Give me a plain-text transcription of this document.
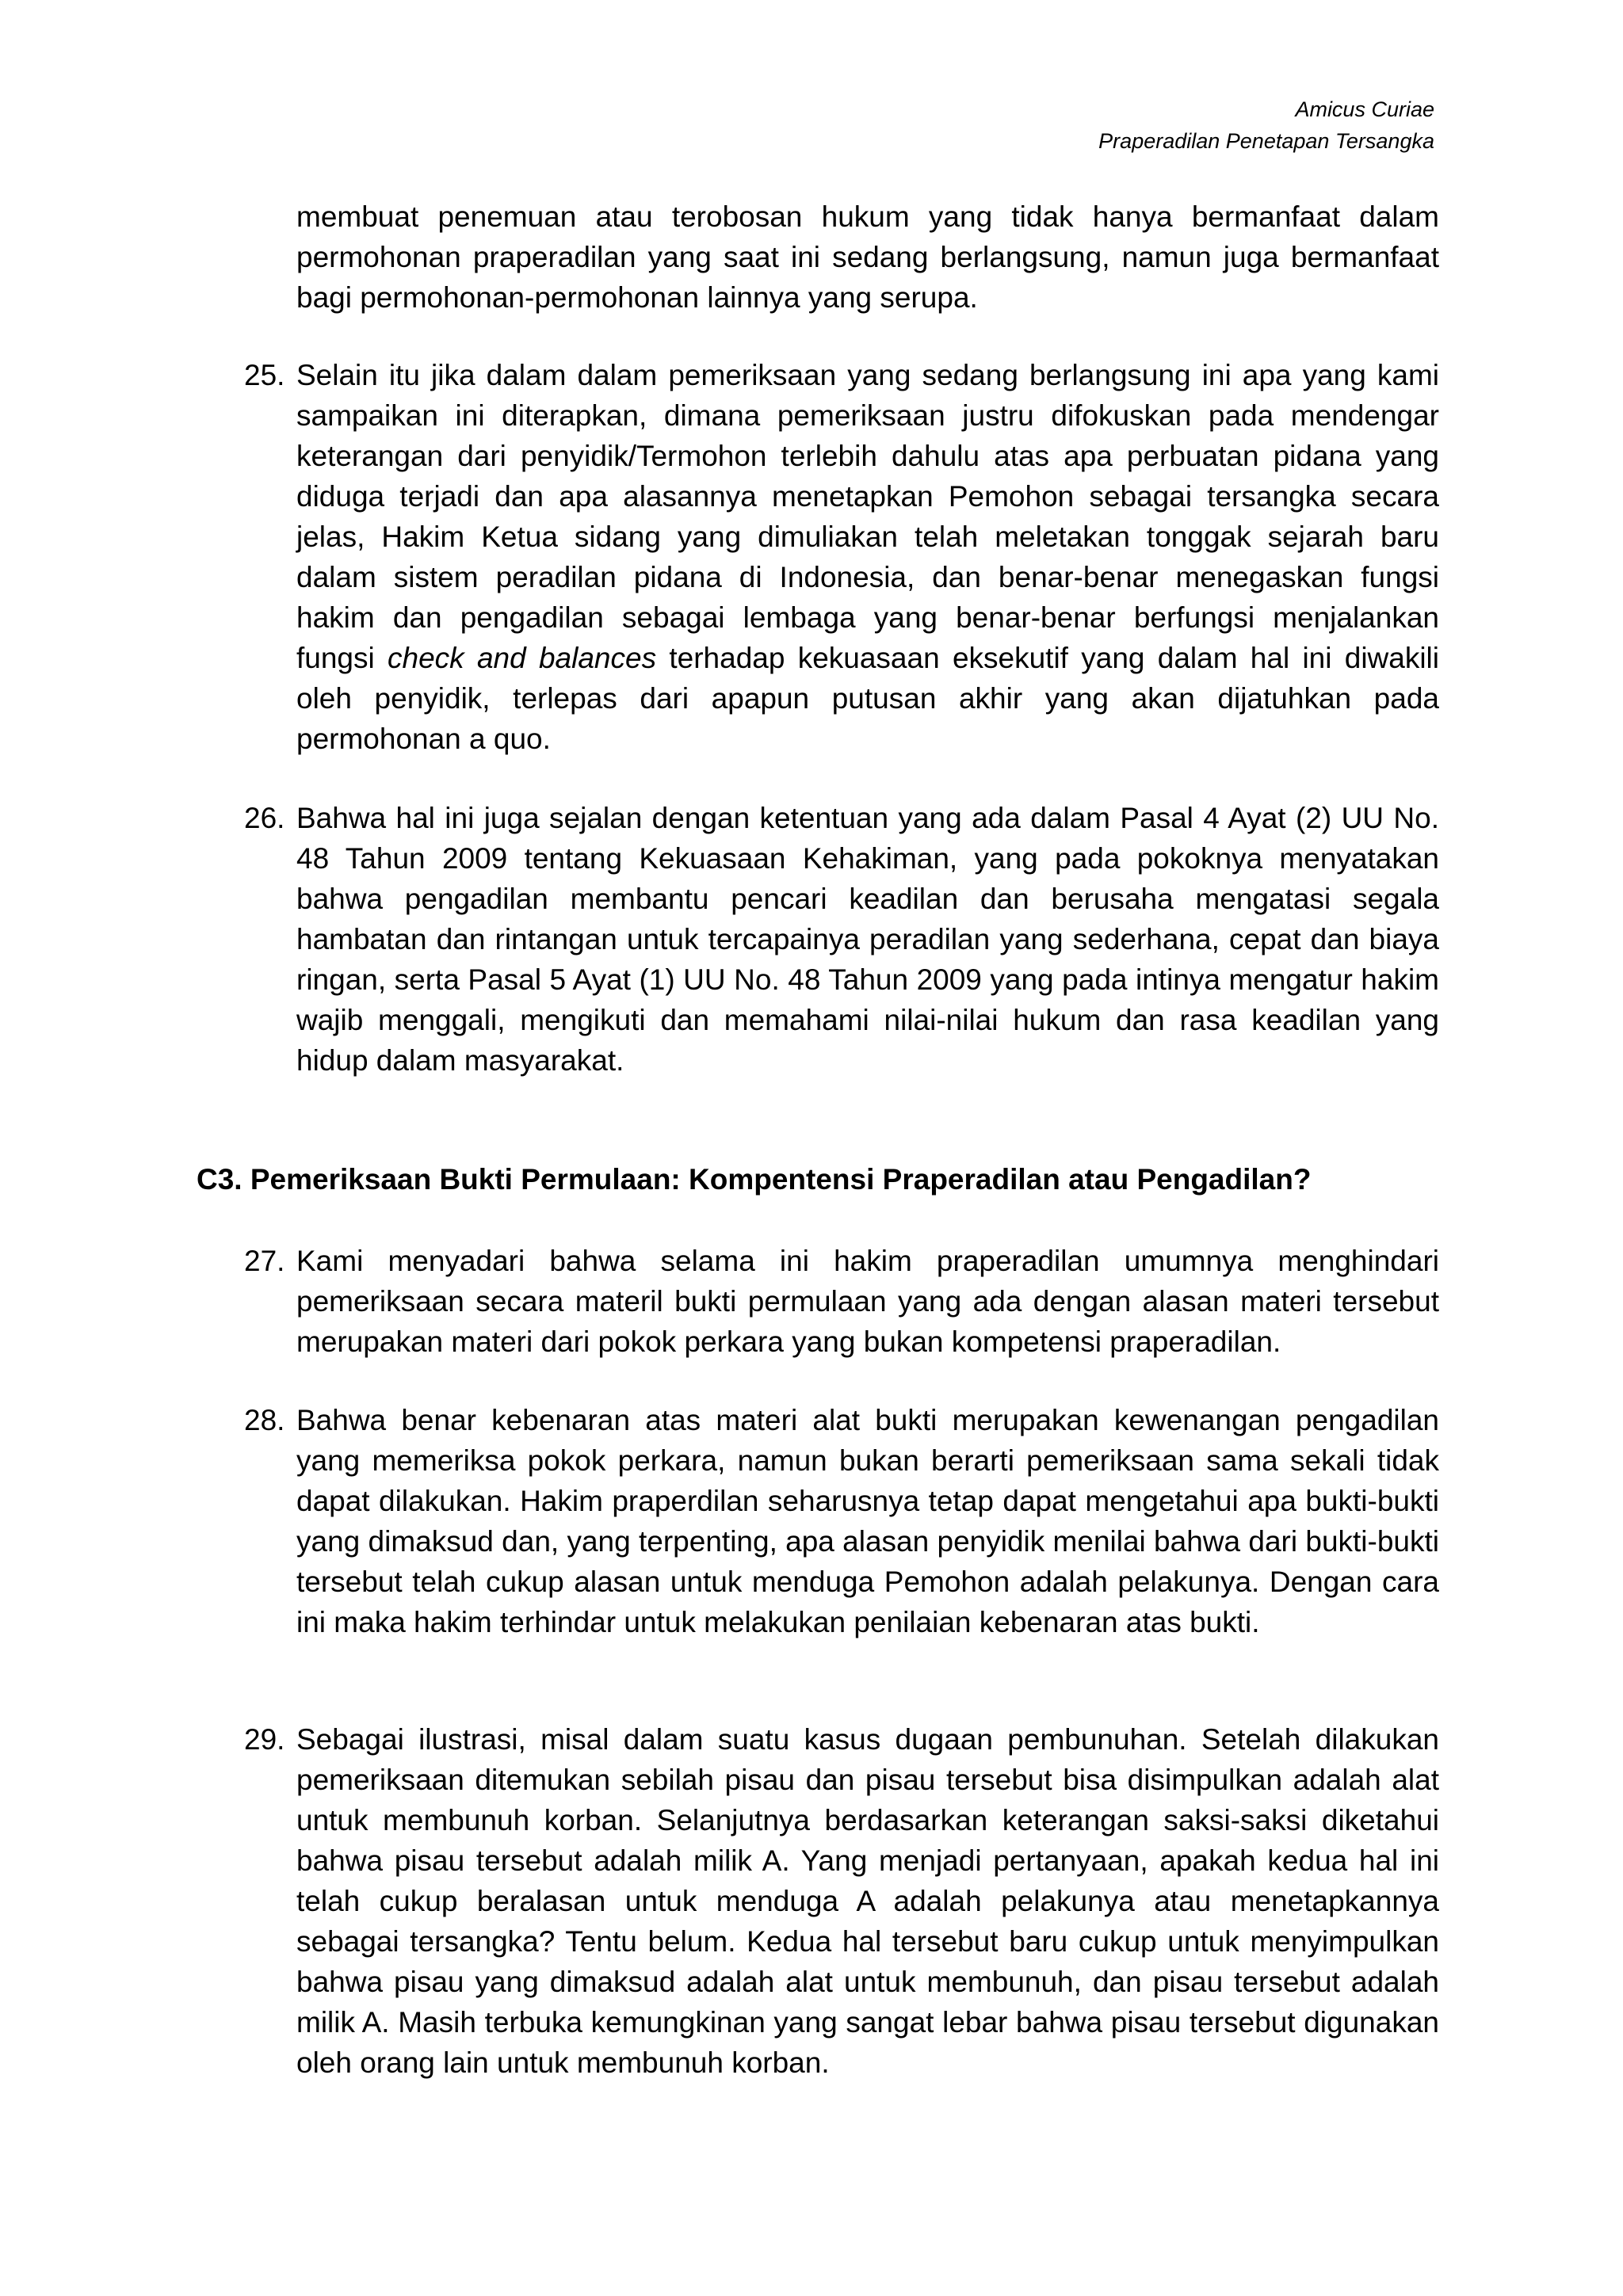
Amicus Curiae
Praperadilan Penetapan Tersangka
membuat penemuan atau terobosan hukum yang tidak hanya bermanfaat dalam permohonan praperadilan yang saat ini sedang berlangsung, namun juga bermanfaat bagi permohonan-permohonan lainnya yang serupa.
25. Selain itu jika dalam dalam pemeriksaan yang sedang berlangsung ini apa yang kami sampaikan ini diterapkan, dimana pemeriksaan justru difokuskan pada mendengar keterangan dari penyidik/Termohon terlebih dahulu atas apa perbuatan pidana yang diduga terjadi dan apa alasannya menetapkan Pemohon sebagai tersangka secara jelas, Hakim Ketua sidang yang dimuliakan telah meletakan tonggak sejarah baru dalam sistem peradilan pidana di Indonesia, dan benar-benar menegaskan fungsi hakim dan pengadilan sebagai lembaga yang benar-benar berfungsi menjalankan fungsi check and balances terhadap kekuasaan eksekutif yang dalam hal ini diwakili oleh penyidik, terlepas dari apapun putusan akhir yang akan dijatuhkan pada permohonan a quo.
26. Bahwa hal ini juga sejalan dengan ketentuan yang ada dalam Pasal 4 Ayat (2) UU No. 48 Tahun 2009 tentang Kekuasaan Kehakiman, yang pada pokoknya menyatakan bahwa pengadilan membantu pencari keadilan dan berusaha mengatasi segala hambatan dan rintangan untuk tercapainya peradilan yang sederhana, cepat dan biaya ringan, serta Pasal 5 Ayat (1) UU No. 48 Tahun 2009 yang pada intinya mengatur hakim wajib menggali, mengikuti dan memahami nilai-nilai hukum dan rasa keadilan yang hidup dalam masyarakat.
C3. Pemeriksaan Bukti Permulaan: Kompentensi Praperadilan atau Pengadilan?
27. Kami menyadari bahwa selama ini hakim praperadilan umumnya menghindari pemeriksaan secara materil bukti permulaan yang ada dengan alasan materi tersebut merupakan materi dari pokok perkara yang bukan kompetensi praperadilan.
28. Bahwa benar kebenaran atas materi alat bukti merupakan kewenangan pengadilan yang memeriksa pokok perkara, namun bukan berarti pemeriksaan sama sekali tidak dapat dilakukan. Hakim praperdilan seharusnya tetap dapat mengetahui apa bukti-bukti yang dimaksud dan, yang terpenting, apa alasan penyidik menilai bahwa dari bukti-bukti tersebut telah cukup alasan untuk menduga Pemohon adalah pelakunya. Dengan cara ini maka hakim terhindar untuk melakukan penilaian kebenaran atas bukti.
29. Sebagai ilustrasi, misal dalam suatu kasus dugaan pembunuhan. Setelah dilakukan pemeriksaan ditemukan sebilah pisau dan pisau tersebut bisa disimpulkan adalah alat untuk membunuh korban. Selanjutnya berdasarkan keterangan saksi-saksi diketahui bahwa pisau tersebut adalah milik A. Yang menjadi pertanyaan, apakah kedua hal ini telah cukup beralasan untuk menduga A adalah pelakunya atau menetapkannya sebagai tersangka? Tentu belum. Kedua hal tersebut baru cukup untuk menyimpulkan bahwa pisau yang dimaksud adalah alat untuk membunuh, dan pisau tersebut adalah milik A. Masih terbuka kemungkinan yang sangat lebar bahwa pisau tersebut digunakan oleh orang lain untuk membunuh korban.
